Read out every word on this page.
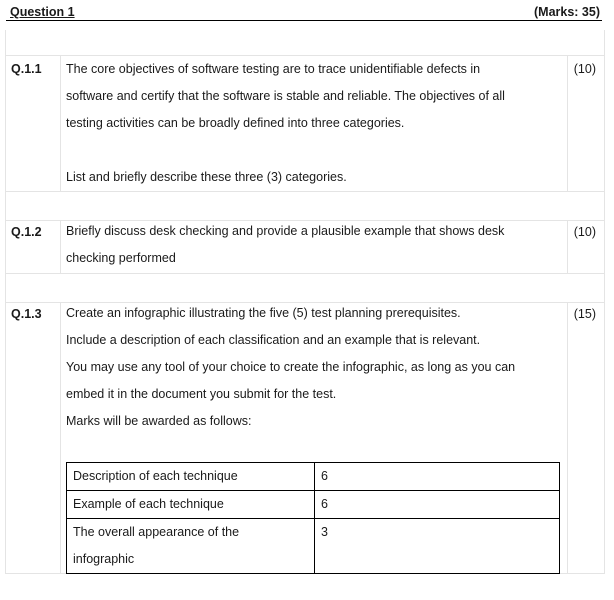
Question 1	(Marks: 35)
Q.1.1 The core objectives of software testing are to trace unidentifiable defects in
software and certify that the software is stable and reliable. The objectives of all
testing activities can be broadly defined into three categories.
List and briefly describe these three (3) categories.
(10)
Q.1.2 Briefly discuss desk checking and provide a plausible example that shows desk
checking performed
(10)
Q.1.3 Create an infographic illustrating the five (5) test planning prerequisites.
Include a description of each classification and an example that is relevant.
You may use any tool of your choice to create the infographic, as long as you can
embed it in the document you submit for the test.
Marks will be awarded as follows:
(15)
Description of each technique	6
Example of each technique	6
The overall appearance of the infographic	3
